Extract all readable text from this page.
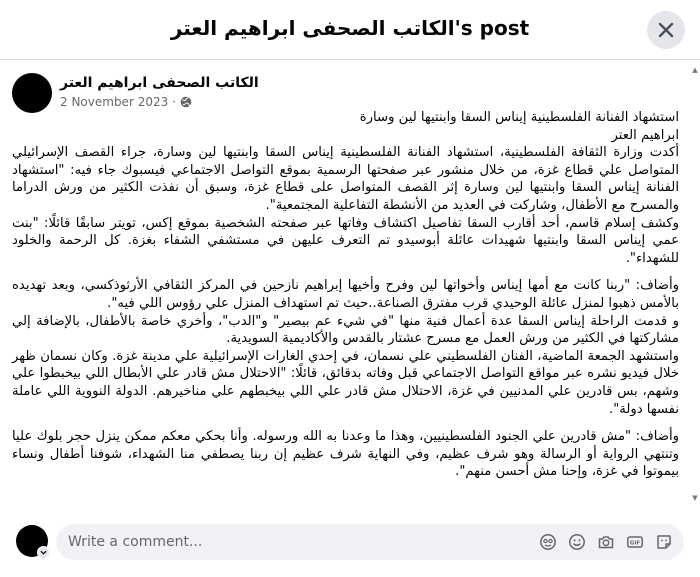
الكاتب الصحفى ابراهيم العتر's post
الكاتب الصحفى ابراهيم العتر
2 November 2023 ·

استشهاد الفنانة الفلسطينية إيناس السقا وابنتيها لين وسارة

ابراهيم العتر

أكدت وزارة الثقافة الفلسطينية، استشهاد الفنانة الفلسطينية إيناس السقا وابنتيها لين وسارة، جراء القصف الإسرائيلي المتواصل علي قطاع غزة، من خلال منشور عبر صفحتها الرسمية بموقع التواصل الاجتماعي فيسبوك جاء فيه: "استشهاد الفنانة إيناس السقا وابنتيها لين وسارة إثر القصف المتواصل على قطاع غزة، وسبق أن نفذت الكثير من ورش الدراما والمسرح مع الأطفال، وشاركت في العديد من الأنشطة التفاعلية المجتمعية".

وكشف إسلام قاسم، أحد أقارب السقا تفاصيل اكتشاف وفاتها عبر صفحته الشخصية بموقع إكس، تويتر سابقًا قائلًا: "بنت عمي إيناس السقا وابنتيها شهيدات عائلة أبوسيدو تم التعرف عليهن في مستشفي الشفاء بغزة. كل الرحمة والخلود للشهداء".

وأضاف: "ربنا كانت مع أمها إيناس وأخواتها لين وفرح وأخيها إبراهيم نازحين في المركز الثقافي الأرثوذكسي، وبعد تهديده بالأمس ذهبوا لمنزل عائلة الوحيدي قرب مفترق الصناعة..حيث تم استهداف المنزل علي رؤوس اللي فيه".

و قدمت الراحلة إيناس السقا عدة أعمال فنية منها "في شيء عم بيصير" و"الدب"، وأخري خاصة بالأطفال، بالإضافة إلي مشاركتها في الكثير من ورش العمل مع مسرح عشتار بالقدس والأكاديمية السويدية.

واستشهد الجمعة الماضية، الفنان الفلسطيني علي نسمان، في إحدي الغارات الإسرائيلية علي مدينة غزة. وكان نسمان ظهر خلال فيديو نشره عبر مواقع التواصل الاجتماعي قبل وفاته بدقائق، قائلًا: "الاحتلال مش قادر علي الأبطال اللي بيخبطوا علي وشهم، بس قادرين علي المدنيين في غزة، الاحتلال مش قادر علي اللي بيخبطهم علي مناخيرهم. الدولة النووية اللي عاملة نفسها دولة".

وأضاف: "مش قادرين علي الجنود الفلسطينيين، وهذا ما وعدنا به الله ورسوله. وأنا بحكي معكم ممكن ينزل حجر بلوك عليا وتنتهي الرواية أو الرسالة وهو شرف عظيم، وفي النهاية شرف عظيم إن ربنا يصطفي منا الشهداء، شوفنا أطفال ونساء بيموتوا في غزة، وإحنا مش أحسن منهم".

▲
▼
Write a comment...
GIF
